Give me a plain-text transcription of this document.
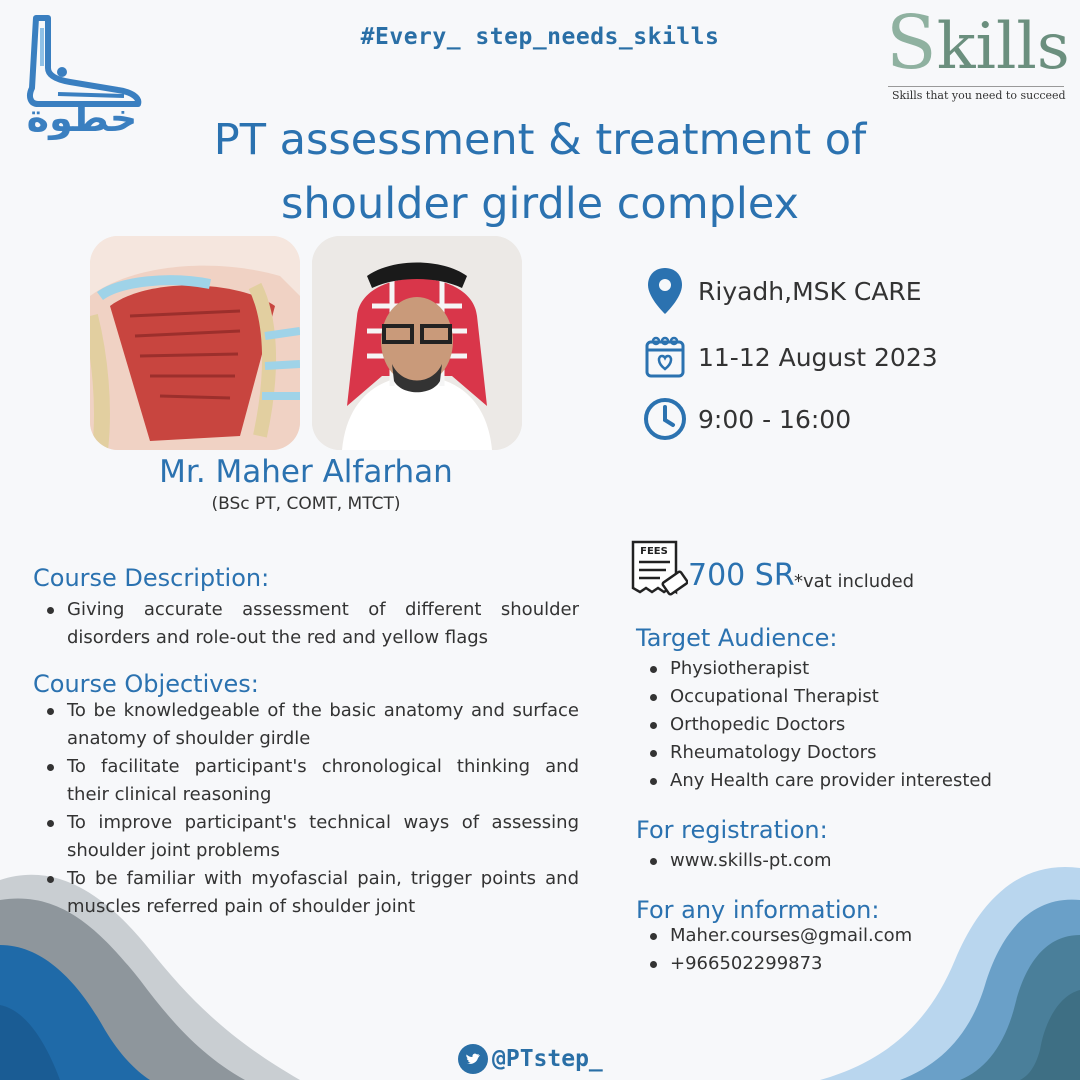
#Every_ step_needs_skills
خطوة
Skills
Skills that you need to succeed
PT assessment & treatment of
shoulder girdle complex
Mr. Maher Alfarhan
(BSc PT, COMT, MTCT)
Riyadh,MSK CARE
11-12 August 2023
9:00 - 16:00
Course Description:
Giving accurate assessment of different shoulder disorders and role-out the red and yellow flags
Course Objectives:
To be knowledgeable of the basic anatomy and surface anatomy of shoulder girdle
To facilitate participant's chronological thinking and their clinical reasoning
To improve participant's technical ways of assessing shoulder joint problems
To be familiar with myofascial pain, trigger points and muscles referred pain of shoulder joint
FEES
700 SR *vat included
Target Audience:
Physiotherapist
Occupational Therapist
Orthopedic Doctors
Rheumatology Doctors
Any Health care provider interested
For registration:
www.skills-pt.com
For any information:
Maher.courses@gmail.com
+966502299873
@PTstep_
